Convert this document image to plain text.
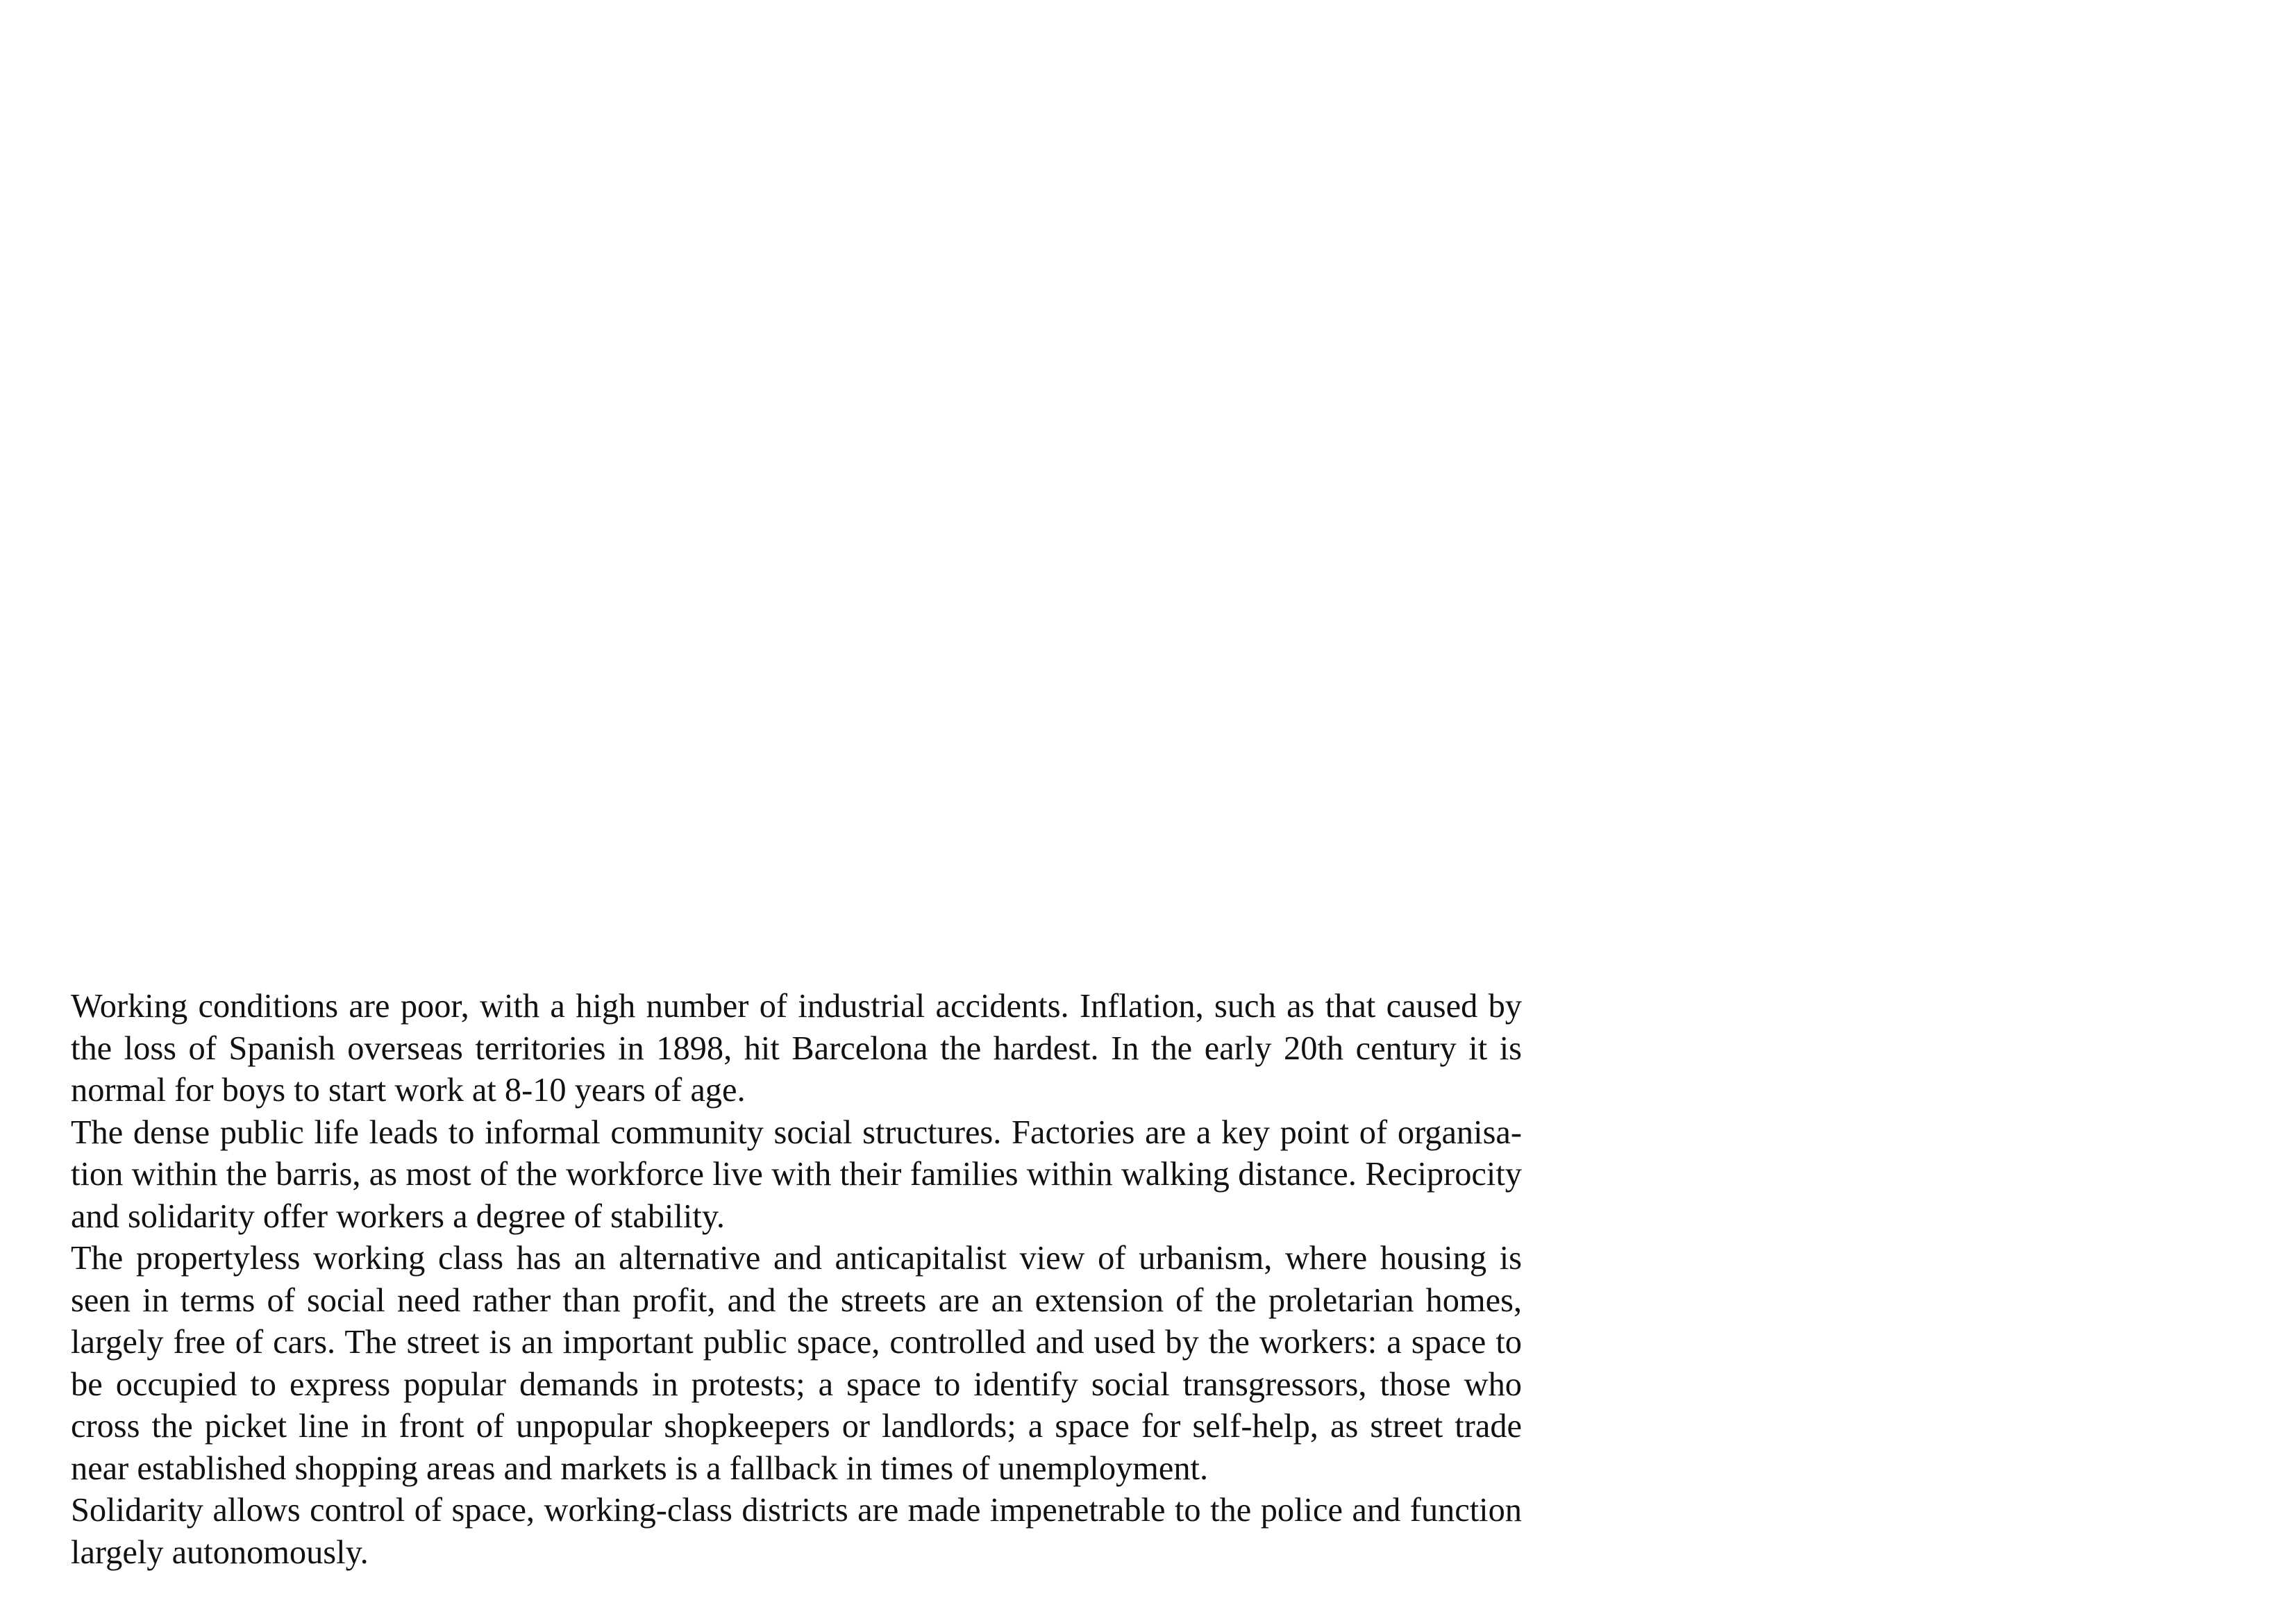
Working conditions are poor, with a high number of industrial accidents. Inflation, such as that caused by the loss of Spanish overseas territories in 1898, hit Barcelona the hardest. In the early 20th century it is normal for boys to start work at 8-10 years of age.

The dense public life leads to informal community social structures. Factories are a key point of organisation within the barris, as most of the workforce live with their families within walking distance. Reciprocity and solidarity offer workers a degree of stability.

The propertyless working class has an alternative and anticapitalist view of urbanism, where housing is seen in terms of social need rather than profit, and the streets are an extension of the proletarian homes, largely free of cars. The street is an important public space, controlled and used by the workers: a space to be occupied to express popular demands in protests; a space to identify social transgressors, those who cross the picket line in front of unpopular shopkeepers or landlords; a space for self-help, as street trade near established shopping areas and markets is a fallback in times of unemployment.

Solidarity allows control of space, working-class districts are made impenetrable to the police and function largely autonomously.
